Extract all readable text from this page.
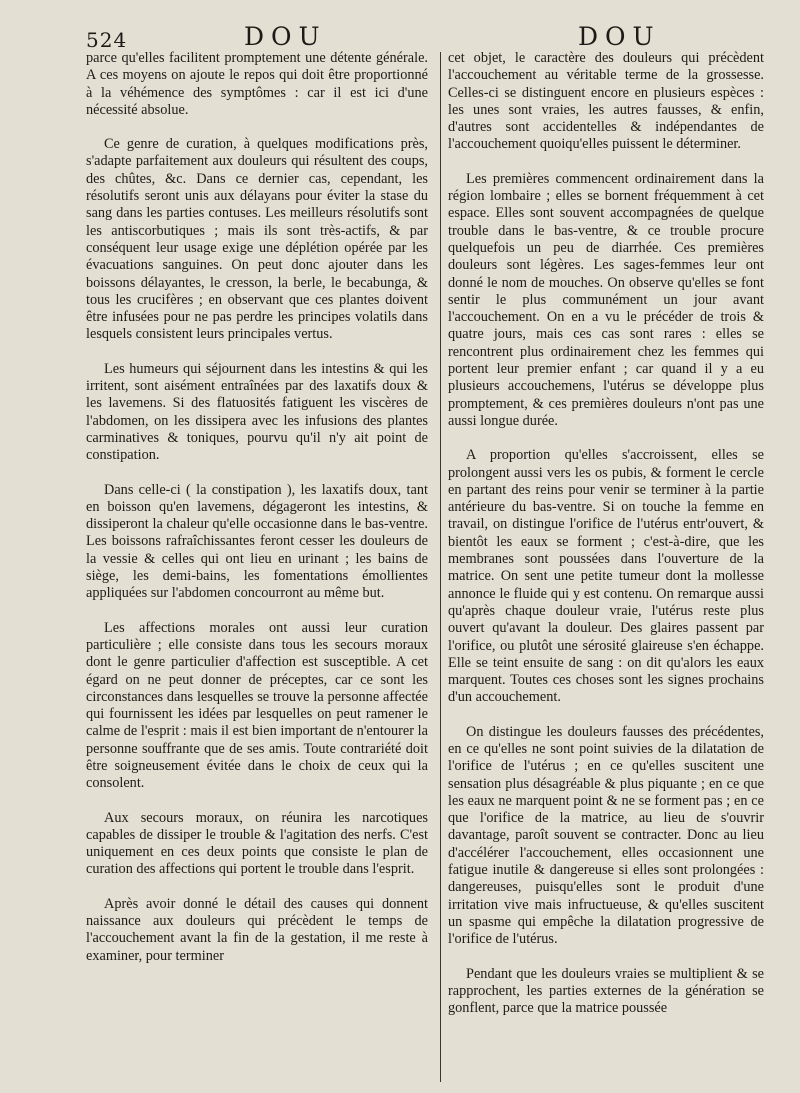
524	DOU	DOU

parce qu'elles facilitent promptement une détente générale. A ces moyens on ajoute le repos qui doit être proportionné à la véhémence des symptômes : car il est ici d'une nécessité absolue.

Ce genre de curation, à quelques modifications près, s'adapte parfaitement aux douleurs qui résultent des coups, des chûtes, &c. Dans ce dernier cas, cependant, les résolutifs seront unis aux délayans pour éviter la stase du sang dans les parties contuses. Les meilleurs résolutifs sont les antiscorbutiques ; mais ils sont très-actifs, & par conséquent leur usage exige une déplétion opérée par les évacuations sanguines. On peut donc ajouter dans les boissons délayantes, le cresson, la berle, le becabunga, & tous les crucifères ; en observant que ces plantes doivent être infusées pour ne pas perdre les principes volatils dans lesquels consistent leurs principales vertus.

Les humeurs qui séjournent dans les intestins & qui les irritent, sont aisément entraînées par des laxatifs doux & les lavemens. Si des flatuosités fatiguent les viscères de l'abdomen, on les dissipera avec les infusions des plantes carminatives & toniques, pourvu qu'il n'y ait point de constipation.

Dans celle-ci ( la constipation ), les laxatifs doux, tant en boisson qu'en lavemens, dégageront les intestins, & dissiperont la chaleur qu'elle occasionne dans le bas-ventre. Les boissons rafraîchissantes feront cesser les douleurs de la vessie & celles qui ont lieu en urinant ; les bains de siège, les demi-bains, les fomentations émollientes appliquées sur l'abdomen concourront au même but.

Les affections morales ont aussi leur curation particulière ; elle consiste dans tous les secours moraux dont le genre particulier d'affection est susceptible. A cet égard on ne peut donner de préceptes, car ce sont les circonstances dans lesquelles se trouve la personne affectée qui fournissent les idées par lesquelles on peut ramener le calme de l'esprit : mais il est bien important de n'entourer la personne souffrante que de ses amis. Toute contrariété doit être soigneusement évitée dans le choix de ceux qui la consolent.

Aux secours moraux, on réunira les narcotiques capables de dissiper le trouble & l'agitation des nerfs. C'est uniquement en ces deux points que consiste le plan de curation des affections qui portent le trouble dans l'esprit.

Après avoir donné le détail des causes qui donnent naissance aux douleurs qui précèdent le temps de l'accouchement avant la fin de la gestation, il me reste à examiner, pour terminer

cet objet, le caractère des douleurs qui précèdent l'accouchement au véritable terme de la grossesse. Celles-ci se distinguent encore en plusieurs espèces : les unes sont vraies, les autres fausses, & enfin, d'autres sont accidentelles & indépendantes de l'accouchement quoiqu'elles puissent le déterminer.

Les premières commencent ordinairement dans la région lombaire ; elles se bornent fréquemment à cet espace. Elles sont souvent accompagnées de quelque trouble dans le bas-ventre, & ce trouble procure quelquefois un peu de diarrhée. Ces premières douleurs sont légères. Les sages-femmes leur ont donné le nom de mouches. On observe qu'elles se font sentir le plus communément un jour avant l'accouchement. On en a vu le précéder de trois & quatre jours, mais ces cas sont rares : elles se rencontrent plus ordinairement chez les femmes qui portent leur premier enfant ; car quand il y a eu plusieurs accouchemens, l'utérus se développe plus promptement, & ces premières douleurs n'ont pas une aussi longue durée.

A proportion qu'elles s'accroissent, elles se prolongent aussi vers les os pubis, & forment le cercle en partant des reins pour venir se terminer à la partie antérieure du bas-ventre. Si on touche la femme en travail, on distingue l'orifice de l'utérus entr'ouvert, & bientôt les eaux se forment ; c'est-à-dire, que les membranes sont poussées dans l'ouverture de la matrice. On sent une petite tumeur dont la mollesse annonce le fluide qui y est contenu. On remarque aussi qu'après chaque douleur vraie, l'utérus reste plus ouvert qu'avant la douleur. Des glaires passent par l'orifice, ou plutôt une sérosité glaireuse s'en échappe. Elle se teint ensuite de sang : on dit qu'alors les eaux marquent. Toutes ces choses sont les signes prochains d'un accouchement.

On distingue les douleurs fausses des précédentes, en ce qu'elles ne sont point suivies de la dilatation de l'orifice de l'utérus ; en ce qu'elles suscitent une sensation plus désagréable & plus piquante ; en ce que les eaux ne marquent point & ne se forment pas ; en ce que l'orifice de la matrice, au lieu de s'ouvrir davantage, paroît souvent se contracter. Donc au lieu d'accélérer l'accouchement, elles occasionnent une fatigue inutile & dangereuse si elles sont prolongées : dangereuses, puisqu'elles sont le produit d'une irritation vive mais infructueuse, & qu'elles suscitent un spasme qui empêche la dilatation progressive de l'orifice de l'utérus.

Pendant que les douleurs vraies se multiplient & se rapprochent, les parties externes de la génération se gonflent, parce que la matrice poussée
